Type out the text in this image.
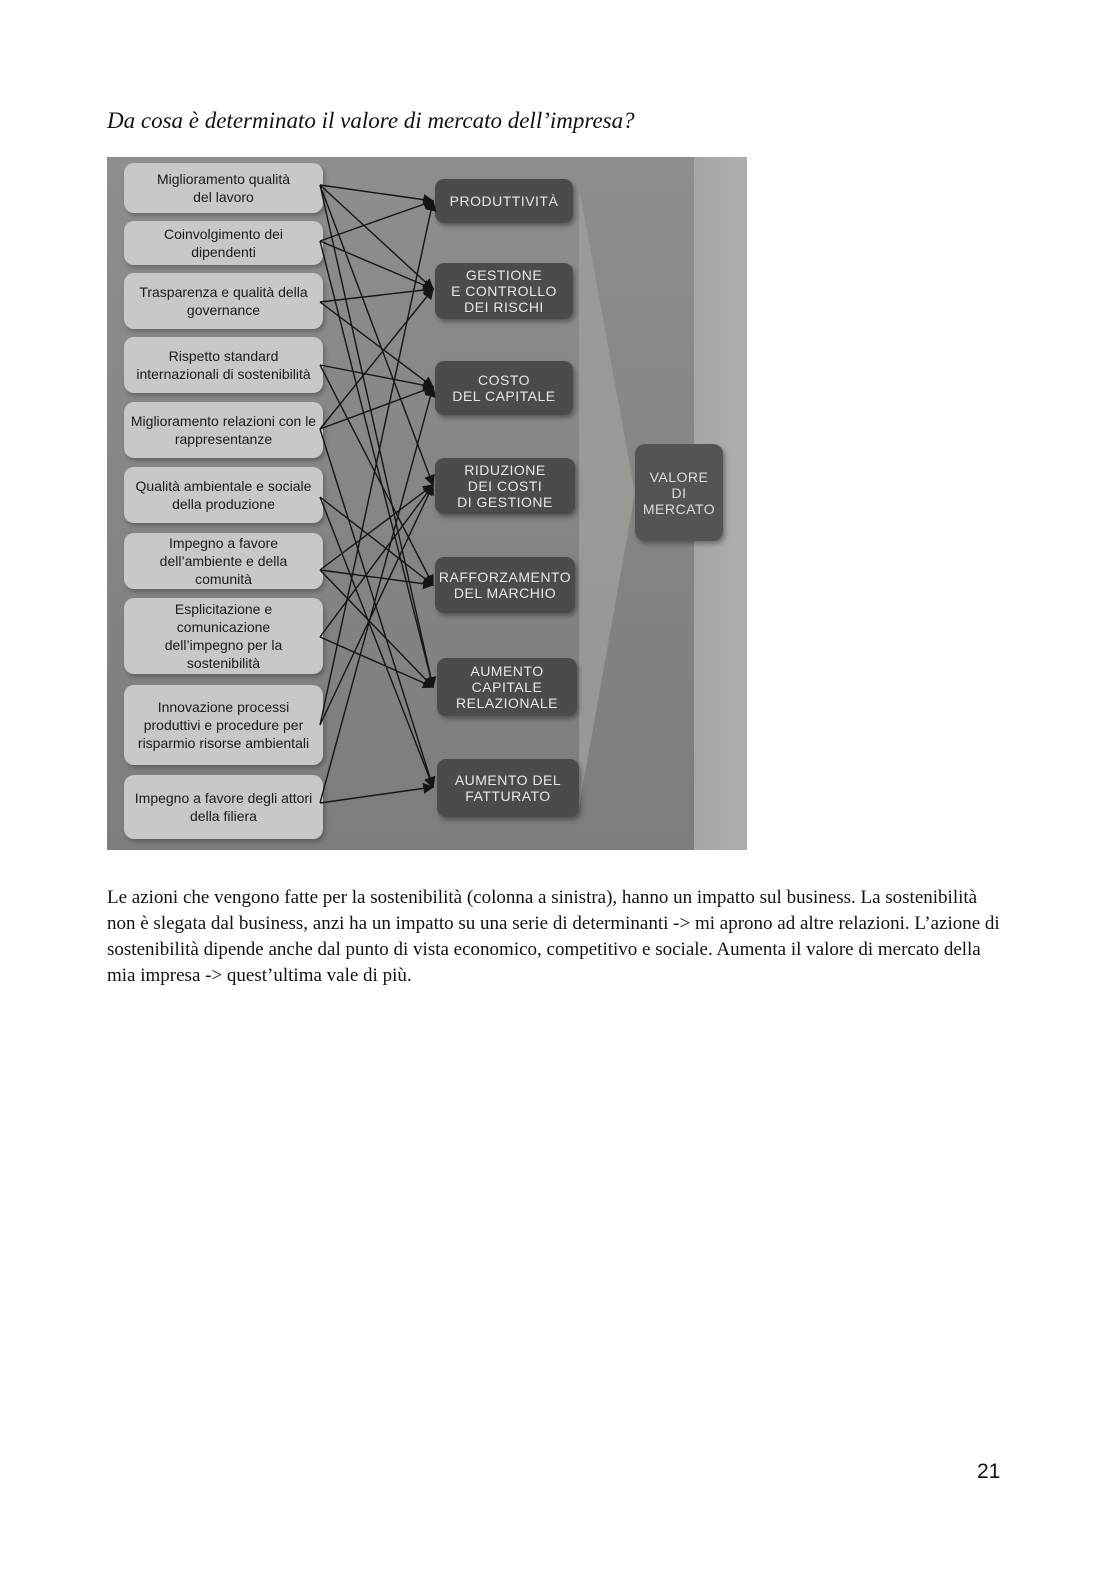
Da cosa è determinato il valore di mercato dell’impresa?
Miglioramento qualità
del lavoro
Coinvolgimento dei dipendenti
Trasparenza e qualità della
governance
Rispetto standard
internazionali di sostenibilità
Miglioramento relazioni con le
rappresentanze
Qualità ambientale e sociale
della produzione
Impegno a favore
dell’ambiente e della comunità
Esplicitazione e comunicazione
dell’impegno per la
sostenibilità
Innovazione processi
produttivi e procedure per
risparmio risorse ambientali
Impegno a favore degli attori
della filiera
PRODUTTIVITÀ
GESTIONE
E CONTROLLO
DEI RISCHI
COSTO
DEL CAPITALE
RIDUZIONE
DEI COSTI
DI GESTIONE
RAFFORZAMENTO
DEL MARCHIO
AUMENTO
CAPITALE
RELAZIONALE
AUMENTO DEL
FATTURATO
VALORE
DI
MERCATO

Le azioni che vengono fatte per la sostenibilità (colonna a sinistra), hanno un impatto sul business. La sostenibilità non è slegata dal business, anzi ha un impatto su una serie di determinanti -> mi aprono ad altre relazioni. L’azione di sostenibilità dipende anche dal punto di vista economico, competitivo e sociale. Aumenta il valore di mercato della mia impresa -> quest’ultima vale di più.

21
